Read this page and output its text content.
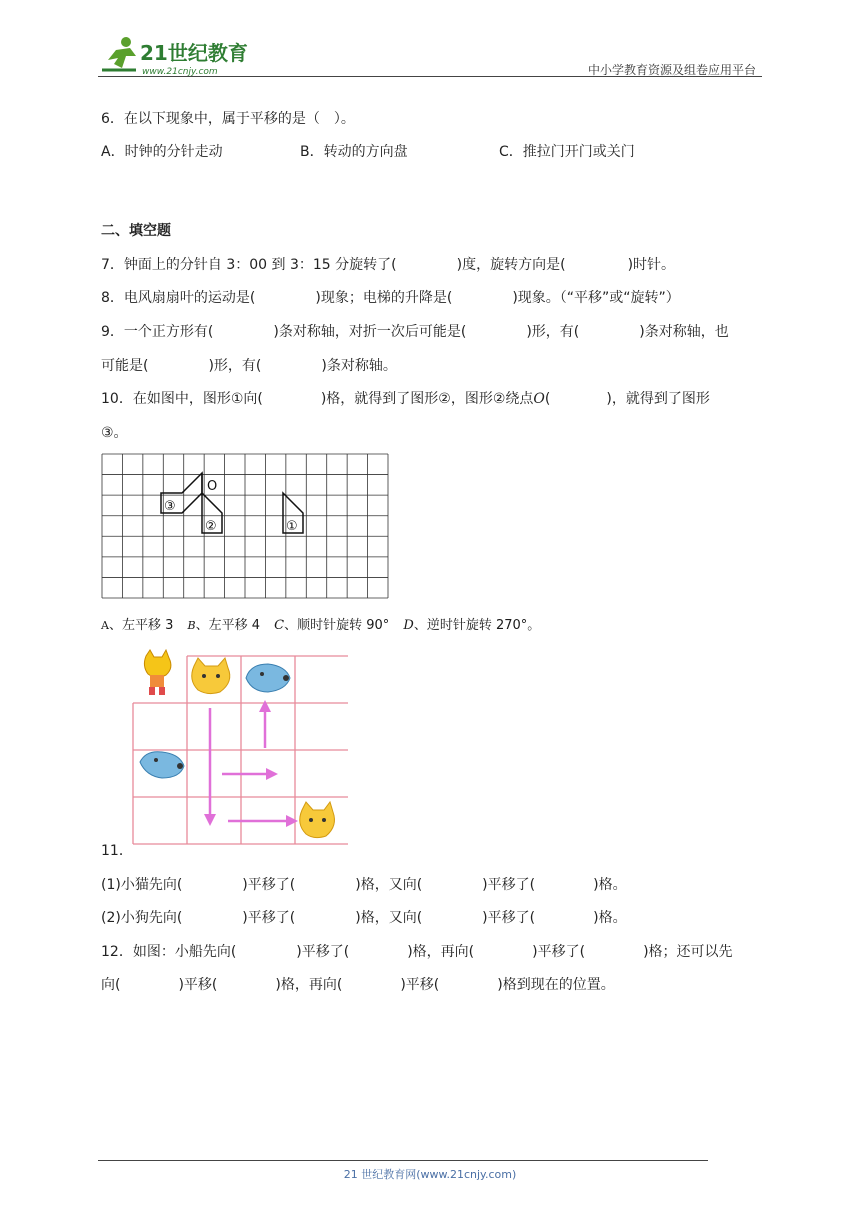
21世纪教育
www.21cnjy.com	中小学教育资源及组卷应用平台
6．在以下现象中，属于平移的是（　）。
A．时钟的分针走动	B．转动的方向盘	C．推拉门开门或关门
二、填空题
7．钟面上的分针自 3：00 到 3：15 分旋转了(	)度，旋转方向是(	)时针。
8．电风扇扇叶的运动是(	)现象；电梯的升降是(	)现象。（“平移”或“旋转”）
9．一个正方形有(	)条对称轴，对折一次后可能是(	)形，有(	)条对称轴，也
可能是(	)形，有(	)条对称轴。
10．在如图中，图形①向(	)格，就得到了图形②，图形②绕点O(	)，就得到了图形
③。
O
③
②	①
A、左平移 3 B、左平移 4 C、顺时针旋转 90° D、逆时针旋转 270°。
11．
(1)小猫先向(	)平移了(	)格，又向(	)平移了(	)格。
(2)小狗先向(	)平移了(	)格，又向(	)平移了(	)格。
12．如图：小船先向(	)平移了(	)格，再向(	)平移了(	)格；还可以先
向(	)平移(	)格，再向(	)平移(	)格到现在的位置。
21 世纪教育网(www.21cnjy.com)
